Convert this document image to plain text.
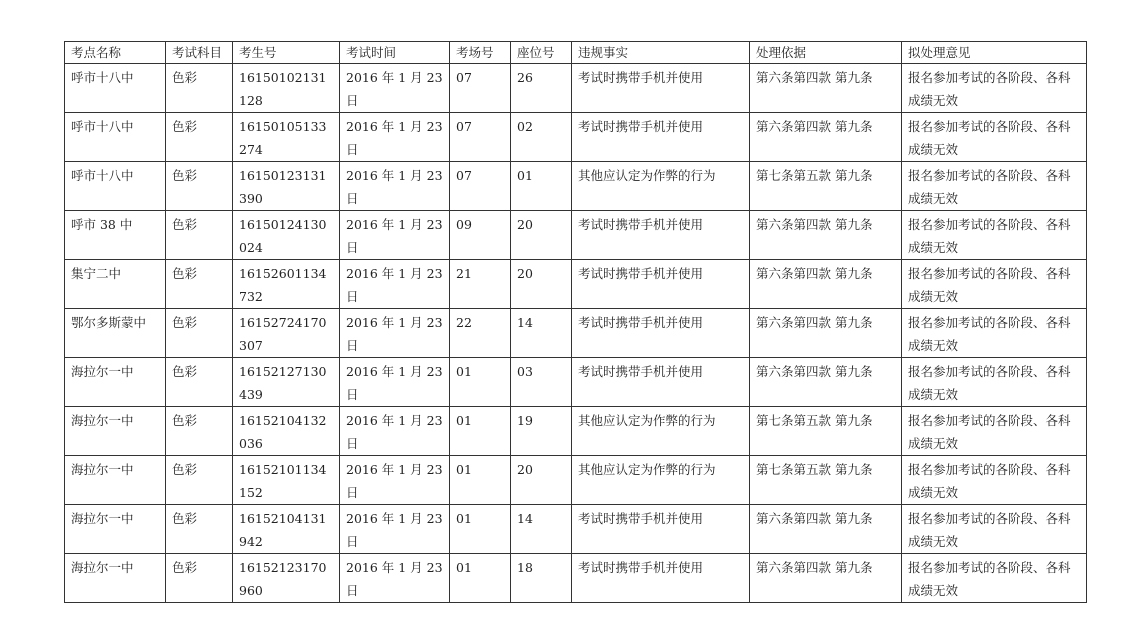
考点名称	考试科目	考生号	考试时间	考场号	座位号	违规事实	处理依据	拟处理意见
呼市十八中	色彩	16150102131128	2016 年 1 月 23 日	07	26	考试时携带手机并使用	第六条第四款 第九条	报名参加考试的各阶段、各科成绩无效
呼市十八中	色彩	16150105133274	2016 年 1 月 23 日	07	02	考试时携带手机并使用	第六条第四款 第九条	报名参加考试的各阶段、各科成绩无效
呼市十八中	色彩	16150123131390	2016 年 1 月 23 日	07	01	其他应认定为作弊的行为	第七条第五款 第九条	报名参加考试的各阶段、各科成绩无效
呼市 38 中	色彩	16150124130024	2016 年 1 月 23 日	09	20	考试时携带手机并使用	第六条第四款 第九条	报名参加考试的各阶段、各科成绩无效
集宁二中	色彩	16152601134732	2016 年 1 月 23 日	21	20	考试时携带手机并使用	第六条第四款 第九条	报名参加考试的各阶段、各科成绩无效
鄂尔多斯蒙中	色彩	16152724170307	2016 年 1 月 23 日	22	14	考试时携带手机并使用	第六条第四款 第九条	报名参加考试的各阶段、各科成绩无效
海拉尔一中	色彩	16152127130439	2016 年 1 月 23 日	01	03	考试时携带手机并使用	第六条第四款 第九条	报名参加考试的各阶段、各科成绩无效
海拉尔一中	色彩	16152104132036	2016 年 1 月 23 日	01	19	其他应认定为作弊的行为	第七条第五款 第九条	报名参加考试的各阶段、各科成绩无效
海拉尔一中	色彩	16152101134152	2016 年 1 月 23 日	01	20	其他应认定为作弊的行为	第七条第五款 第九条	报名参加考试的各阶段、各科成绩无效
海拉尔一中	色彩	16152104131942	2016 年 1 月 23 日	01	14	考试时携带手机并使用	第六条第四款 第九条	报名参加考试的各阶段、各科成绩无效
海拉尔一中	色彩	16152123170960	2016 年 1 月 23 日	01	18	考试时携带手机并使用	第六条第四款 第九条	报名参加考试的各阶段、各科成绩无效
